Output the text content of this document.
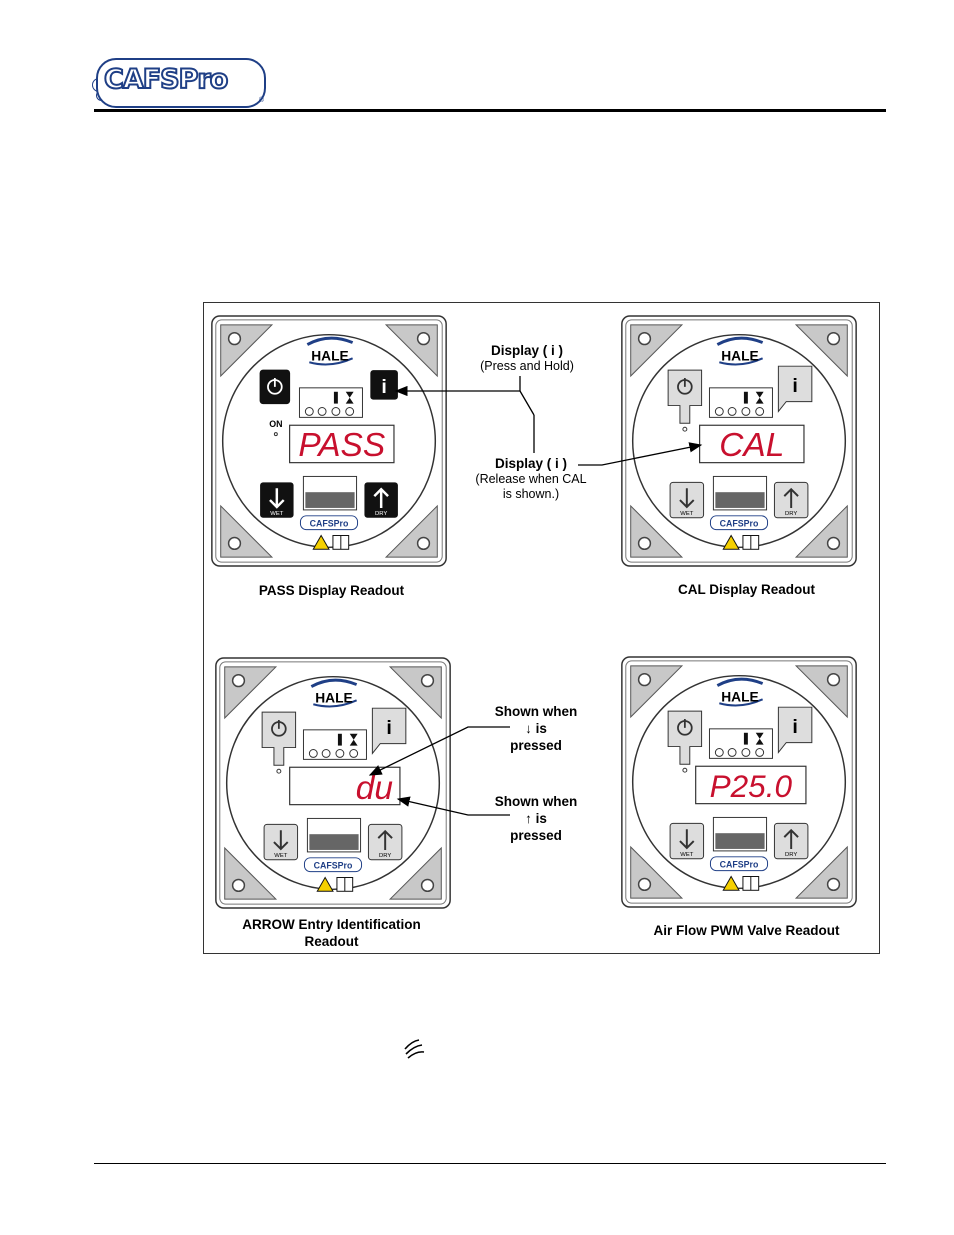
CAFSPro
®
HALE
ON
i
PASS
WET	DRY
CAFSPro
HALE
i
CAL
WET	DRY
CAFSPro
HALE
i
du
WET	DRY
CAFSPro
HALE
i
P25.0
WET	DRY
CAFSPro
Display ( i )
(Press and Hold)
Display ( i )
(Release when CAL
is shown.)
Shown when
↓ is
pressed
Shown when
↑ is
pressed
PASS Display Readout	CAL Display Readout
ARROW Entry Identification
Readout
Air Flow PWM Valve Readout
